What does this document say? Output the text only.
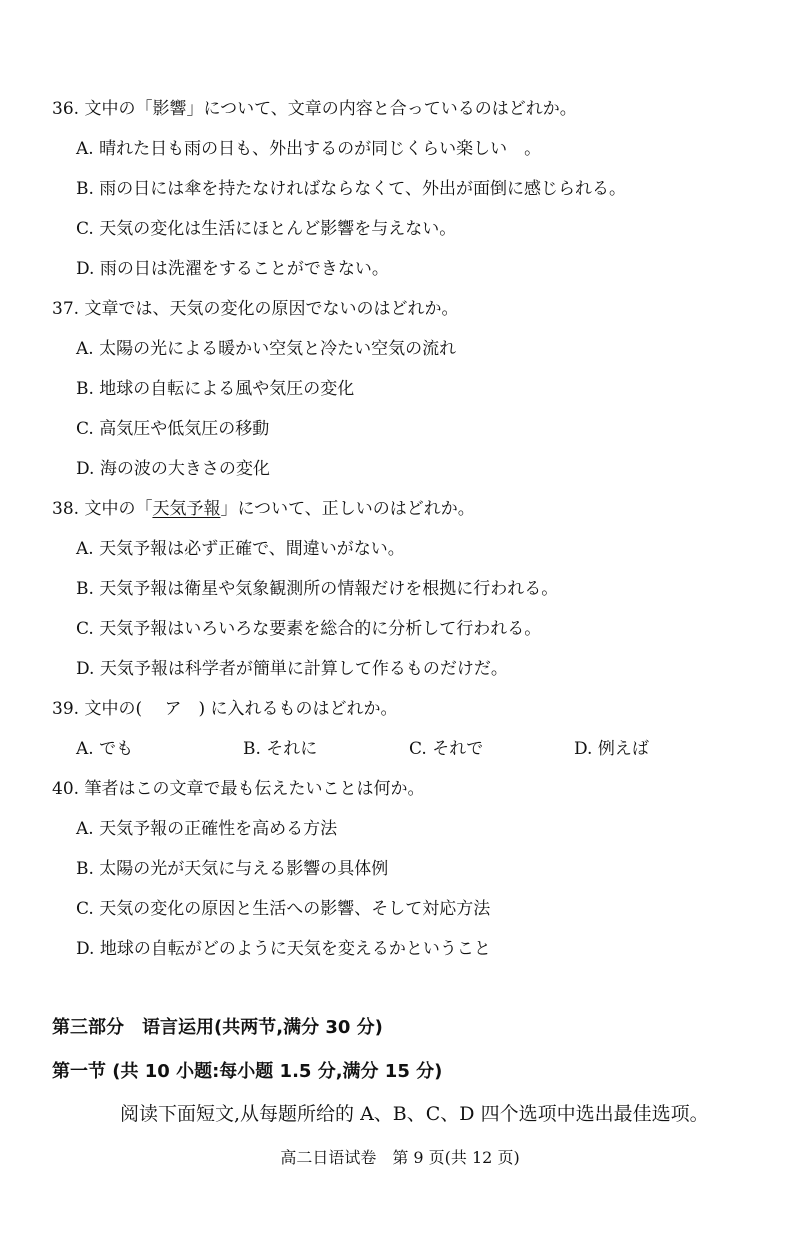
36. 文中の「影響」について、文章の内容と合っているのはどれか。
A. 晴れた日も雨の日も、外出するのが同じくらい楽しい　。
B. 雨の日には傘を持たなければならなくて、外出が面倒に感じられる。
C. 天気の変化は生活にほとんど影響を与えない。
D. 雨の日は洗濯をすることができない。
37. 文章では、天気の変化の原因でないのはどれか。
A. 太陽の光による暖かい空気と冷たい空気の流れ
B. 地球の自転による風や気圧の変化
C. 高気圧や低気圧の移動
D. 海の波の大きさの変化
38. 文中の「天気予報」について、正しいのはどれか。
A. 天気予報は必ず正確で、間違いがない。
B. 天気予報は衛星や気象観測所の情報だけを根拠に行われる。
C. 天気予報はいろいろな要素を総合的に分析して行われる。
D. 天気予報は科学者が簡単に計算して作るものだけだ。
39. 文中の(　 ア　) に入れるものはどれか。
A. でも	B. それに	C. それで	D. 例えば
40. 筆者はこの文章で最も伝えたいことは何か。
A. 天気予報の正確性を高める方法
B. 太陽の光が天気に与える影響の具体例
C. 天気の変化の原因と生活への影響、そして対応方法
D. 地球の自転がどのように天気を変えるかということ
第三部分　语言运用(共两节,满分 30 分)
第一节 (共 10 小题:每小题 1.5 分,满分 15 分)
阅读下面短文,从每题所给的 A、B、C、D 四个选项中选出最佳选项。
高二日语试卷　第 9 页(共 12 页)
